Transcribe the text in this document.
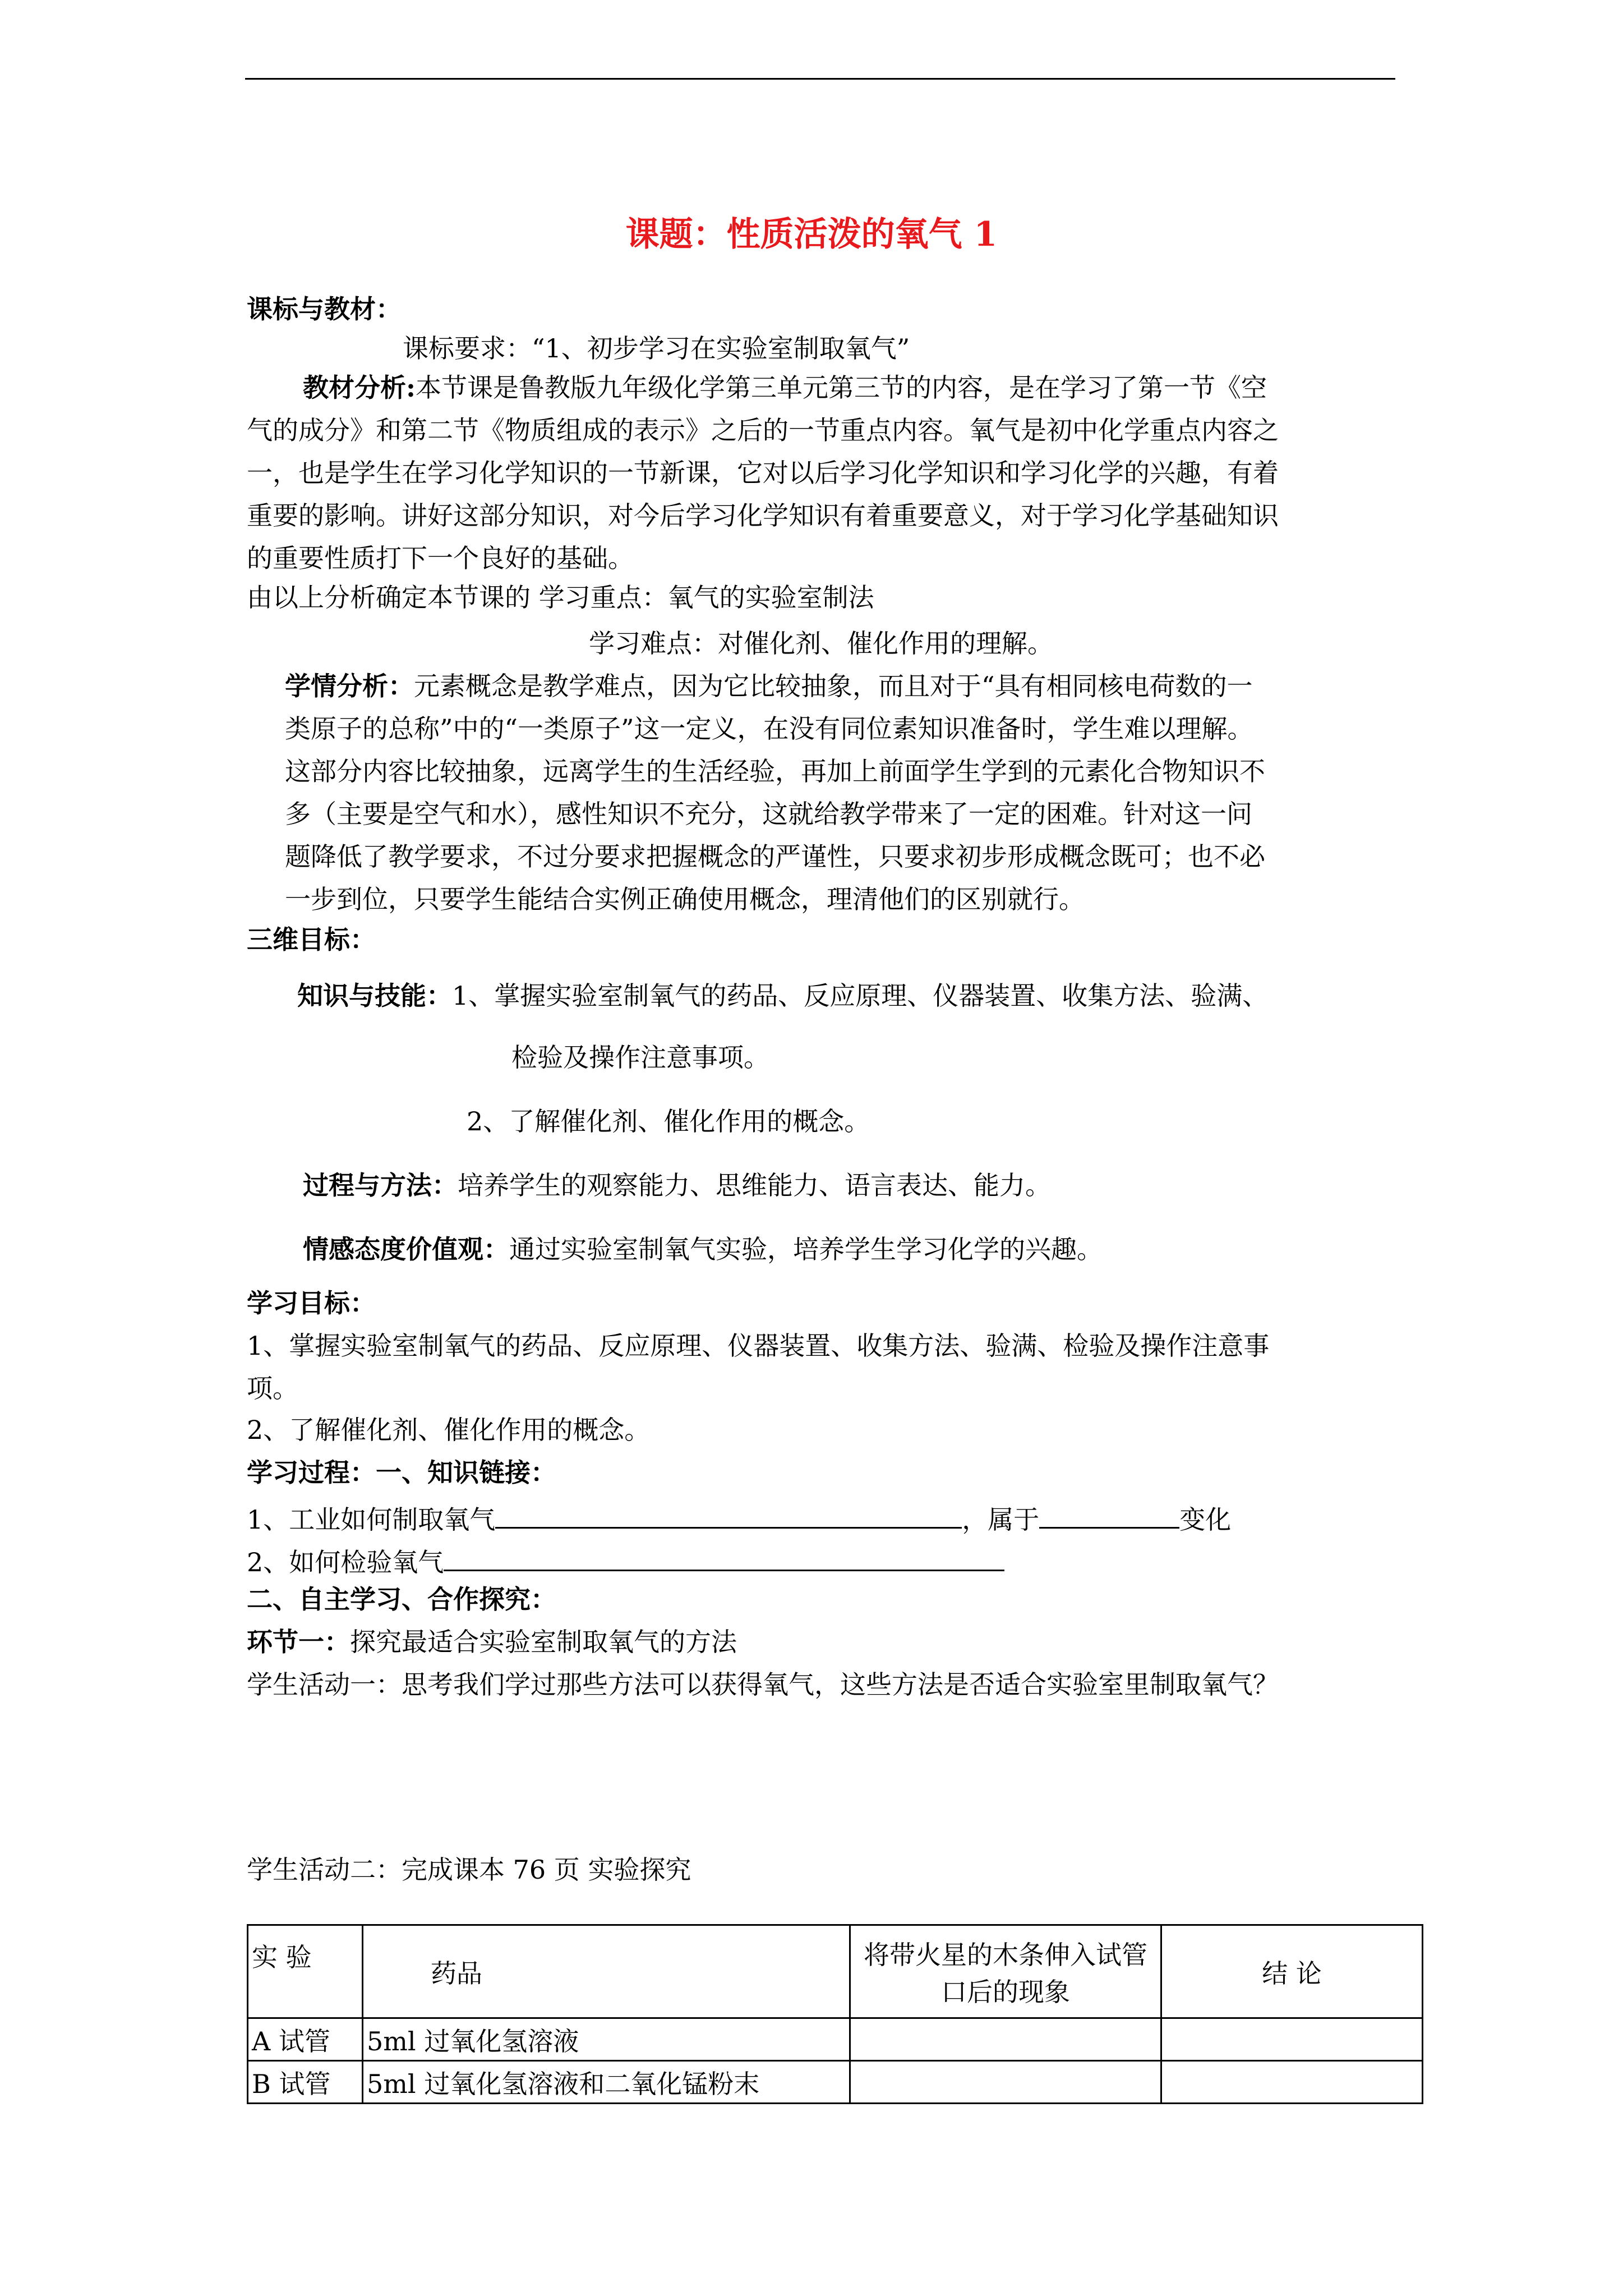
课题：性质活泼的氧气 1
课标与教材：
课标要求：“1、初步学习在实验室制取氧气”
教材分析:本节课是鲁教版九年级化学第三单元第三节的内容，是在学习了第一节《空
气的成分》和第二节《物质组成的表示》之后的一节重点内容。氧气是初中化学重点内容之
一，也是学生在学习化学知识的一节新课，它对以后学习化学知识和学习化学的兴趣，有着
重要的影响。讲好这部分知识，对今后学习化学知识有着重要意义，对于学习化学基础知识
的重要性质打下一个良好的基础。
由以上分析确定本节课的 学习重点：氧气的实验室制法
学习难点：对催化剂、催化作用的理解。
学情分析：元素概念是教学难点，因为它比较抽象，而且对于“具有相同核电荷数的一
类原子的总称”中的“一类原子”这一定义，在没有同位素知识准备时，学生难以理解。
这部分内容比较抽象，远离学生的生活经验，再加上前面学生学到的元素化合物知识不
多（主要是空气和水），感性知识不充分，这就给教学带来了一定的困难。针对这一问
题降低了教学要求，不过分要求把握概念的严谨性，只要求初步形成概念既可；也不必
一步到位，只要学生能结合实例正确使用概念，理清他们的区别就行。
三维目标：
知识与技能：1、掌握实验室制氧气的药品、反应原理、仪器装置、收集方法、验满、
检验及操作注意事项。
2、了解催化剂、催化作用的概念。
过程与方法：培养学生的观察能力、思维能力、语言表达、能力。
情感态度价值观：通过实验室制氧气实验，培养学生学习化学的兴趣。
学习目标：
1、掌握实验室制氧气的药品、反应原理、仪器装置、收集方法、验满、检验及操作注意事
项。
2、了解催化剂、催化作用的概念。
学习过程：一、知识链接：
1、工业如何制取氧气	，属于	变化
2、如何检验氧气
二、自主学习、合作探究：
环节一：探究最适合实验室制取氧气的方法
学生活动一：思考我们学过那些方法可以获得氧气，这些方法是否适合实验室里制取氧气？
学生活动二：完成课本 76 页 实验探究
实 验	药品	将带火星的木条伸入试管口后的现象	结 论
A 试管	5ml 过氧化氢溶液		
B 试管	5ml 过氧化氢溶液和二氧化锰粉末		
